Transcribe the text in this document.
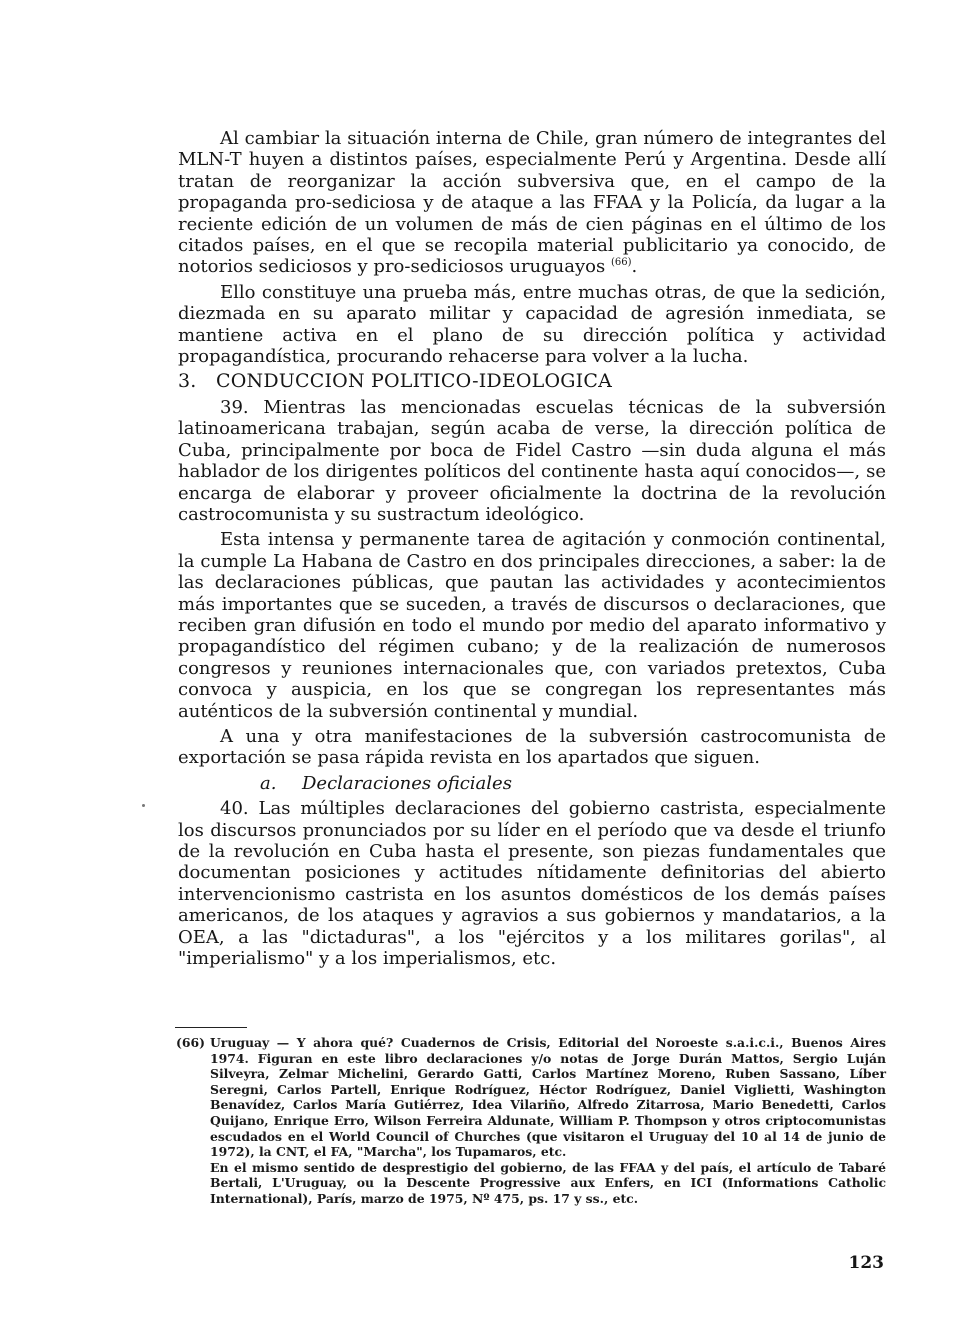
Al cambiar la situación interna de Chile, gran número de integrantes del MLN-T huyen a distintos países, especialmente Perú y Argentina. Desde allí tratan de reorganizar la acción subversiva que, en el campo de la propaganda pro-sediciosa y de ataque a las FFAA y la Policía, da lugar a la reciente edición de un volumen de más de cien páginas en el último de los citados países, en el que se recopila material publicitario ya conocido, de notorios sediciosos y pro-sediciosos uruguayos $^{(66)}$.

Ello constituye una prueba más, entre muchas otras, de que la sedición, diezmada en su aparato militar y capacidad de agresión inmediata, se mantiene activa en el plano de su dirección política y actividad propagandística, procurando rehacerse para volver a la lucha.

3. CONDUCCION POLITICO-IDEOLOGICA

39. Mientras las mencionadas escuelas técnicas de la subversión latinoamericana trabajan, según acaba de verse, la dirección política de Cuba, principalmente por boca de Fidel Castro —sin duda alguna el más hablador de los dirigentes políticos del continente hasta aquí conocidos—, se encarga de elaborar y proveer oficialmente la doctrina de la revolución castrocomunista y su sustractum ideológico.

Esta intensa y permanente tarea de agitación y conmoción continental, la cumple La Habana de Castro en dos principales direcciones, a saber: la de las declaraciones públicas, que pautan las actividades y acontecimientos más importantes que se suceden, a través de discursos o declaraciones, que reciben gran difusión en todo el mundo por medio del aparato informativo y propagandístico del régimen cubano; y de la realización de numerosos congresos y reuniones internacionales que, con variados pretextos, Cuba convoca y auspicia, en los que se congregan los representantes más auténticos de la subversión continental y mundial.

A una y otra manifestaciones de la subversión castrocomunista de exportación se pasa rápida revista en los apartados que siguen.

a. Declaraciones oficiales

40. Las múltiples declaraciones del gobierno castrista, especialmente los discursos pronunciados por su líder en el período que va desde el triunfo de la revolución en Cuba hasta el presente, son piezas fundamentales que documentan posiciones y actitudes nítidamente definitorias del abierto intervencionismo castrista en los asuntos domésticos de los demás países americanos, de los ataques y agravios a sus gobiernos y mandatarios, a la OEA, a las "dictaduras", a los "ejércitos y a los militares gorilas", al "imperialismo" y a los imperialismos, etc.

(66) Uruguay — Y ahora qué? Cuadernos de Crisis, Editorial del Noroeste s.a.i.c.i., Buenos Aires 1974. Figuran en este libro declaraciones y/o notas de Jorge Durán Mattos, Sergio Luján Silveyra, Zelmar Michelini, Gerardo Gatti, Carlos Martínez Moreno, Ruben Sassano, Líber Seregni, Carlos Partell, Enrique Rodríguez, Héctor Rodríguez, Daniel Viglietti, Washington Benavídez, Carlos María Gutiérrez, Idea Vilariño, Alfredo Zitarrosa, Mario Benedetti, Carlos Quijano, Enrique Erro, Wilson Ferreira Aldunate, William P. Thompson y otros criptocomunistas escudados en el World Council of Churches (que visitaron el Uruguay del 10 al 14 de junio de 1972), la CNT, el FA, "Marcha", los Tupamaros, etc.
En el mismo sentido de desprestigio del gobierno, de las FFAA y del país, el artículo de Tabaré Bertali, L'Uruguay, ou la Descente Progressive aux Enfers, en ICI (Informations Catholic International), París, marzo de 1975, Nº 475, ps. 17 y ss., etc.
123
